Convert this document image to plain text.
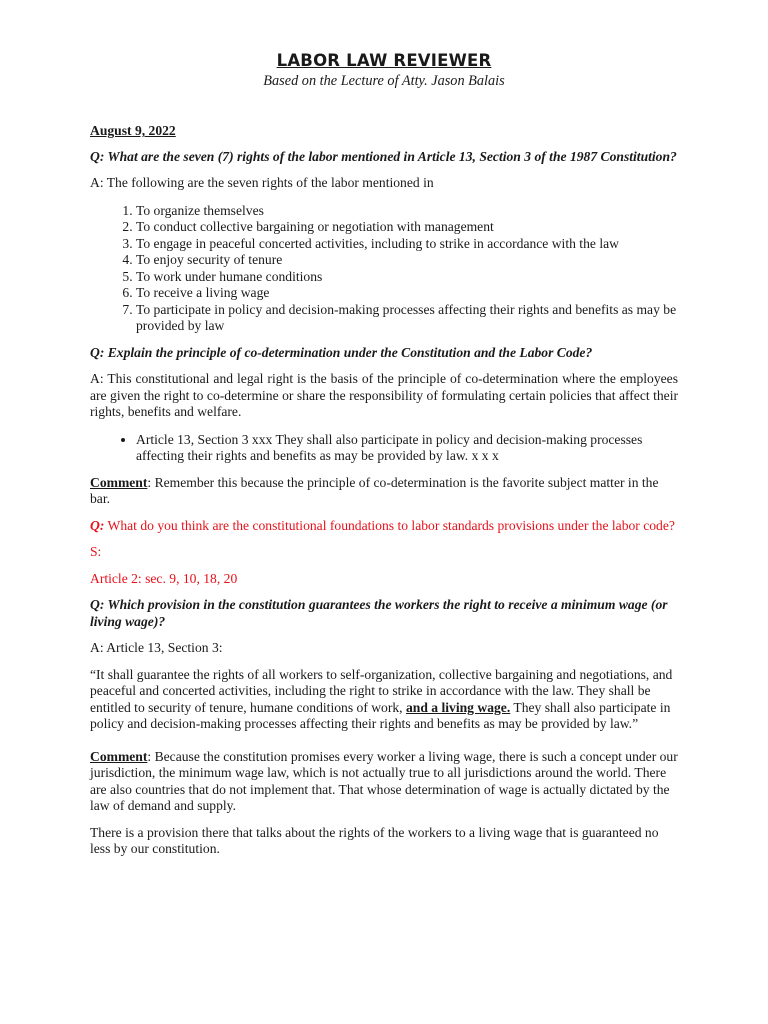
LABOR LAW REVIEWER

Based on the Lecture of Atty. Jason Balais

August 9, 2022

Q: What are the seven (7) rights of the labor mentioned in Article 13, Section 3 of the 1987 Constitution?

A: The following are the seven rights of the labor mentioned in

1. To organize themselves
2. To conduct collective bargaining or negotiation with management
3. To engage in peaceful concerted activities, including to strike in accordance with the law
4. To enjoy security of tenure
5. To work under humane conditions
6. To receive a living wage
7. To participate in policy and decision-making processes affecting their rights and benefits as may be provided by law

Q: Explain the principle of co-determination under the Constitution and the Labor Code?

A: This constitutional and legal right is the basis of the principle of co-determination where the employees are given the right to co-determine or share the responsibility of formulating certain policies that affect their rights, benefits and welfare.

• Article 13, Section 3 xxx They shall also participate in policy and decision-making processes affecting their rights and benefits as may be provided by law. x x x

Comment: Remember this because the principle of co-determination is the favorite subject matter in the bar.

Q: What do you think are the constitutional foundations to labor standards provisions under the labor code?

S:

Article 2: sec. 9, 10, 18, 20

Q: Which provision in the constitution guarantees the workers the right to receive a minimum wage (or living wage)?

A: Article 13, Section 3:

“It shall guarantee the rights of all workers to self-organization, collective bargaining and negotiations, and peaceful and concerted activities, including the right to strike in accordance with the law. They shall be entitled to security of tenure, humane conditions of work, and a living wage. They shall also participate in policy and decision-making processes affecting their rights and benefits as may be provided by law.”

Comment: Because the constitution promises every worker a living wage, there is such a concept under our jurisdiction, the minimum wage law, which is not actually true to all jurisdictions around the world. There are also countries that do not implement that. That whose determination of wage is actually dictated by the law of demand and supply.

There is a provision there that talks about the rights of the workers to a living wage that is guaranteed no less by our constitution.
